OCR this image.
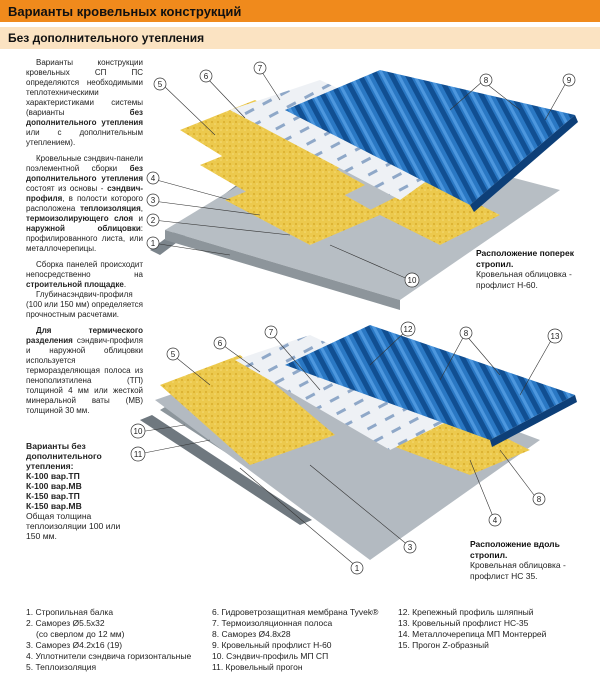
Варианты кровельных конструкций
Без дополнительного утепления

Варианты конструкции кровельных СП ПС определяются необходимыми теплотехническими характеристиками системы (варианты без дополнительного утепления или с дополнительным утеплением).

Кровельные сэндвич-панели поэлементной сборки без дополнительного утепления состоят из основы - сэндвич-профиля, в полости которого расположена теплоизоляция, термоизолирующего слоя и наружной облицовки: профилированного листа, или металлочерепицы.

Сборка панелей происходит непосредственно на строительной площадке.

Глубинасэндвич-профиля (100 или 150 мм) определяется прочностным расчетами.

Для термического разделения сэндвич-профиля и наружной облицовки используется терморазделяющая полоса из пенополиэтилена (ТП) толщиной 4 мм или жесткой минеральной ваты (МВ) толщиной 30 мм.

Варианты без дополнительного утепления:
К-100 вар.ТП
К-100 вар.МВ
К-150 вар.ТП
К-150 вар.МВ
Общая толщина теплоизоляции 100 или 150 мм.
5
6
7
8	9
4
3
2
1
10
5
6
7	12	8	13
10
11
8
4
3
1
Расположение поперек стропил.
Кровельная облицовка - профлист Н-60.
Расположение вдоль стропил.
Кровельная облицовка - профлист НС 35.
1. Стропильная балка
2. Саморез Ø5.5х32
(со сверлом до 12 мм)
3. Саморез Ø4.2х16 (19)
4. Уплотнители сэндвича горизонтальные
5. Теплоизоляция
6. Гидроветрозащитная мембрана Tyvek®
7. Термоизоляционная полоса
8. Саморез Ø4.8х28
9. Кровельный профлист Н-60
10. Сэндвич-профиль МП СП
11. Кровельный прогон
12. Крепежный профиль шляпный
13. Кровельный профлист НС-35
14. Металлочерепица МП Монтеррей
15. Прогон Z-образный
